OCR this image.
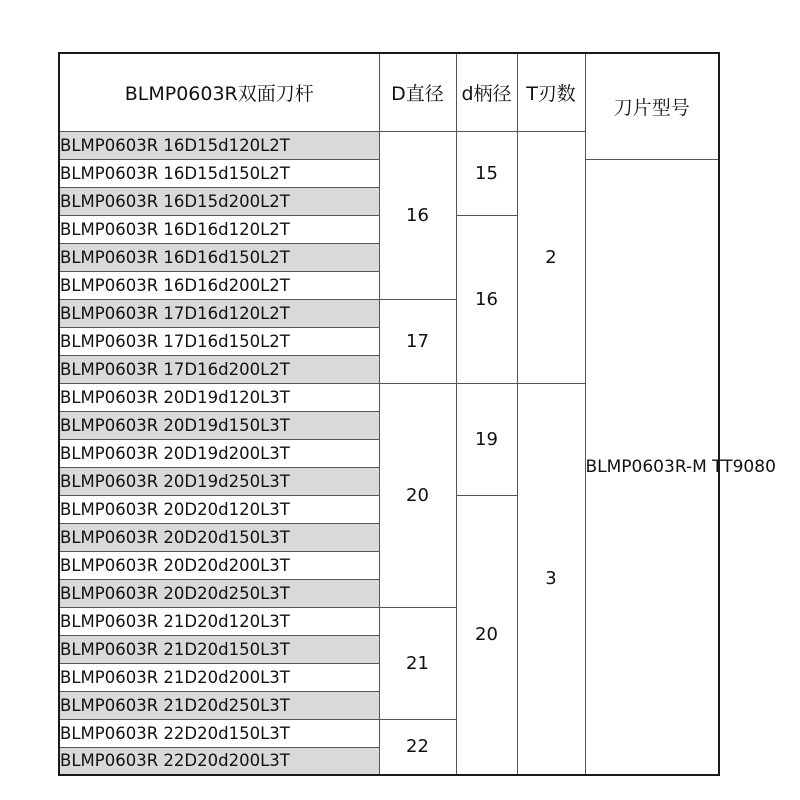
BLMP0603R双面刀杆	D直径	d柄径	T刃数	刀片型号

BLMP0603R 16D15d120L2T	16	15	2	
BLMP0603R 16D15d150L2T				BLMP0603R-M TT9080
BLMP0603R 16D15d200L2T				
BLMP0603R 16D16d120L2T		16		
BLMP0603R 16D16d150L2T				
BLMP0603R 16D16d200L2T				
BLMP0603R 17D16d120L2T	17			
BLMP0603R 17D16d150L2T				
BLMP0603R 17D16d200L2T				
BLMP0603R 20D19d120L3T	20	19	3	
BLMP0603R 20D19d150L3T				
BLMP0603R 20D19d200L3T				
BLMP0603R 20D19d250L3T				
BLMP0603R 20D20d120L3T		20		
BLMP0603R 20D20d150L3T				
BLMP0603R 20D20d200L3T				
BLMP0603R 20D20d250L3T				
BLMP0603R 21D20d120L3T	21			
BLMP0603R 21D20d150L3T				
BLMP0603R 21D20d200L3T				
BLMP0603R 21D20d250L3T				
BLMP0603R 22D20d150L3T	22			
BLMP0603R 22D20d200L3T				
